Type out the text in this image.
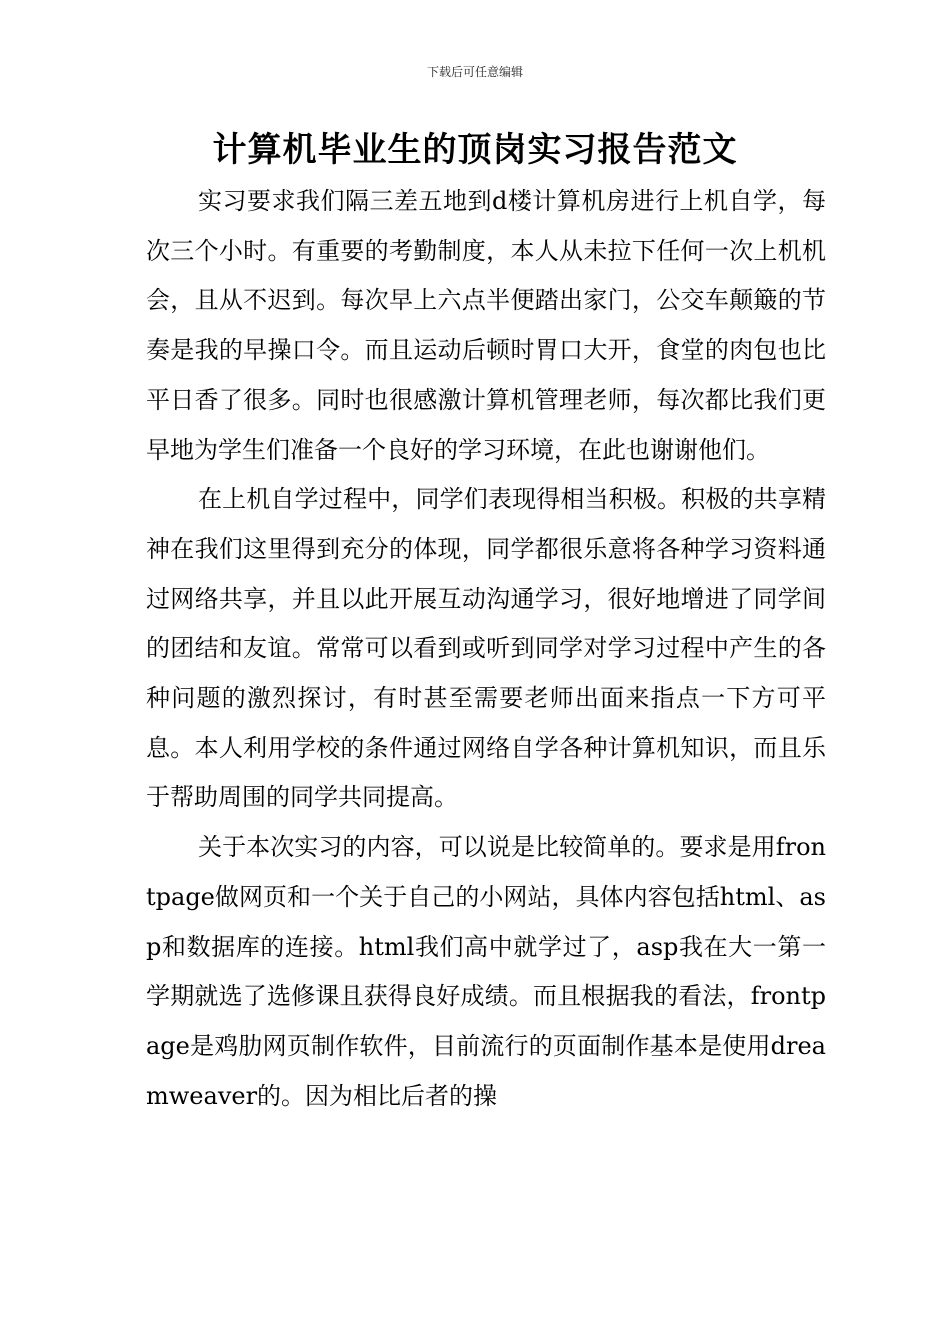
下载后可任意编辑
计算机毕业生的顶岗实习报告范文

实习要求我们隔三差五地到d楼计算机房进行上机自学，每次三个小时。有重要的考勤制度，本人从未拉下任何一次上机机会，且从不迟到。每次早上六点半便踏出家门，公交车颠簸的节奏是我的早操口令。而且运动后顿时胃口大开，食堂的肉包也比平日香了很多。同时也很感激计算机管理老师，每次都比我们更早地为学生们准备一个良好的学习环境，在此也谢谢他们。

在上机自学过程中，同学们表现得相当积极。积极的共享精神在我们这里得到充分的体现，同学都很乐意将各种学习资料通过网络共享，并且以此开展互动沟通学习，很好地增进了同学间的团结和友谊。常常可以看到或听到同学对学习过程中产生的各种问题的激烈探讨，有时甚至需要老师出面来指点一下方可平息。本人利用学校的条件通过网络自学各种计算机知识，而且乐于帮助周围的同学共同提高。

关于本次实习的内容，可以说是比较简单的。要求是用frontpage做网页和一个关于自己的小网站，具体内容包括html、asp和数据库的连接。html我们高中就学过了，asp我在大一第一学期就选了选修课且获得良好成绩。而且根据我的看法，frontpage是鸡肋网页制作软件，目前流行的页面制作基本是使用dreamweaver的。因为相比后者的操
